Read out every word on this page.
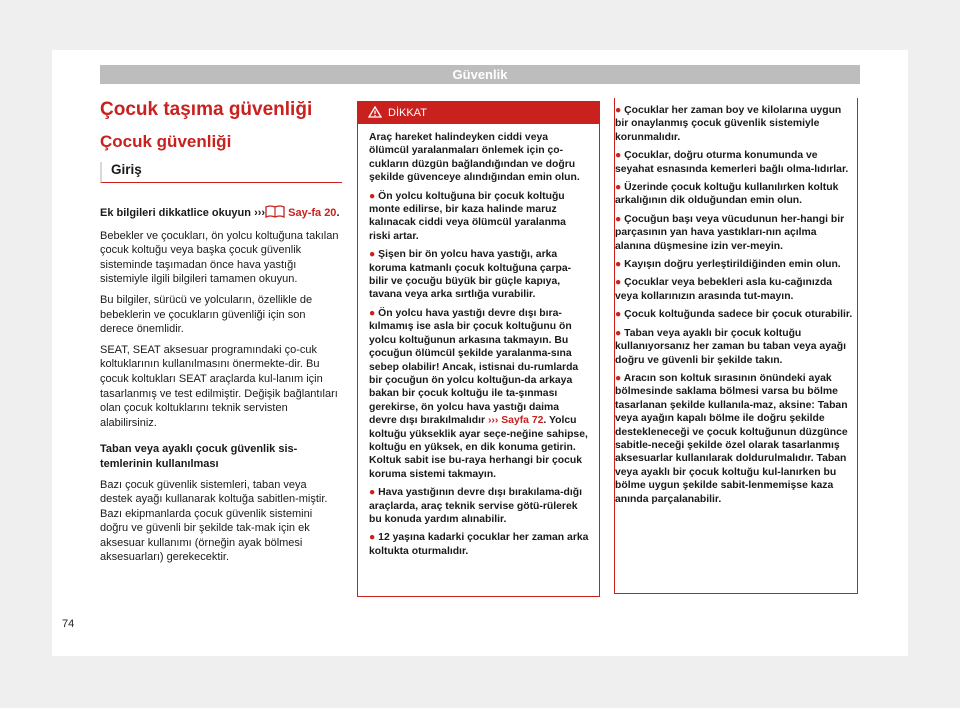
Güvenlik
Çocuk taşıma güvenliği
Çocuk güvenliği
Giriş

Ek bilgileri dikkatlice okuyun ››› Say-fa 20.

Bebekler ve çocukları, ön yolcu koltuğuna takılan çocuk koltuğu veya başka çocuk güvenlik sisteminde taşımadan önce hava yastığı sistemiyle ilgili bilgileri tamamen okuyun.

Bu bilgiler, sürücü ve yolcuların, özellikle de bebeklerin ve çocukların güvenliği için son derece önemlidir.

SEAT, SEAT aksesuar programındaki ço-cuk koltuklarının kullanılmasını önermekte-dir. Bu çocuk koltukları SEAT araçlarda kul-lanım için tasarlanmış ve test edilmiştir. Değişik bağlantıları olan çocuk koltuklarını teknik servisten alabilirsiniz.

Taban veya ayaklı çocuk güvenlik sis-temlerinin kullanılması

Bazı çocuk güvenlik sistemleri, taban veya destek ayağı kullanarak koltuğa sabitlen-miştir. Bazı ekipmanlarda çocuk güvenlik sistemini doğru ve güvenli bir şekilde tak-mak için ek aksesuar kullanımı (örneğin ayak bölmesi aksesuarları) gerekecektir.

DİKKAT

Araç hareket halindeyken ciddi veya ölümcül yaralanmaları önlemek için ço-cukların düzgün bağlandığından ve doğru şekilde güvenceye alındığından emin olun.

● Ön yolcu koltuğuna bir çocuk koltuğu monte edilirse, bir kaza halinde maruz kalınacak ciddi veya ölümcül yaralanma riski artar.

● Şişen bir ön yolcu hava yastığı, arka koruma katmanlı çocuk koltuğuna çarpa-bilir ve çocuğu büyük bir güçle kapıya, tavana veya arka sırtlığa vurabilir.

● Ön yolcu hava yastığı devre dışı bıra-kılmamış ise asla bir çocuk koltuğunu ön yolcu koltuğunun arkasına takmayın. Bu çocuğun ölümcül şekilde yaralanma-sına sebep olabilir! Ancak, istisnai du-rumlarda bir çocuğun ön yolcu koltuğun-da arkaya bakan bir çocuk koltuğu ile ta-şınması gerekirse, ön yolcu hava yastığı daima devre dışı bırakılmalıdır ››› Sayfa 72. Yolcu koltuğu yükseklik ayar seçe-neğine sahipse, koltuğu en yüksek, en dik konuma getirin. Koltuk sabit ise bu-raya herhangi bir çocuk koruma sistemi takmayın.

● Hava yastığının devre dışı bırakılama-dığı araçlarda, araç teknik servise götü-rülerek bu konuda yardım alınabilir.

● 12 yaşına kadarki çocuklar her zaman arka koltukta oturmalıdır.

● Çocuklar her zaman boy ve kilolarına uygun bir onaylanmış çocuk güvenlik sistemiyle korunmalıdır.

● Çocuklar, doğru oturma konumunda ve seyahat esnasında kemerleri bağlı olma-lıdırlar.

● Üzerinde çocuk koltuğu kullanılırken koltuk arkalığının dik olduğundan emin olun.

● Çocuğun başı veya vücudunun her-hangi bir parçasının yan hava yastıkları-nın açılma alanına düşmesine izin ver-meyin.

● Kayışın doğru yerleştirildiğinden emin olun.

● Çocuklar veya bebekleri asla ku-cağınızda veya kollarınızın arasında tut-mayın.

● Çocuk koltuğunda sadece bir çocuk oturabilir.

● Taban veya ayaklı bir çocuk koltuğu kullanıyorsanız her zaman bu taban veya ayağı doğru ve güvenli bir şekilde takın.

● Aracın son koltuk sırasının önündeki ayak bölmesinde saklama bölmesi varsa bu bölme tasarlanan şekilde kullanıla-maz, aksine: Taban veya ayağın kapalı bölme ile doğru şekilde destekleneceği ve çocuk koltuğunun düzgünce sabitle-neceği şekilde özel olarak tasarlanmış aksesuarlar kullanılarak doldurulmalıdır. Taban veya ayaklı bir çocuk koltuğu kul-lanırken bu bölme uygun şekilde sabit-lenmemişse kaza anında parçalanabilir.

74
